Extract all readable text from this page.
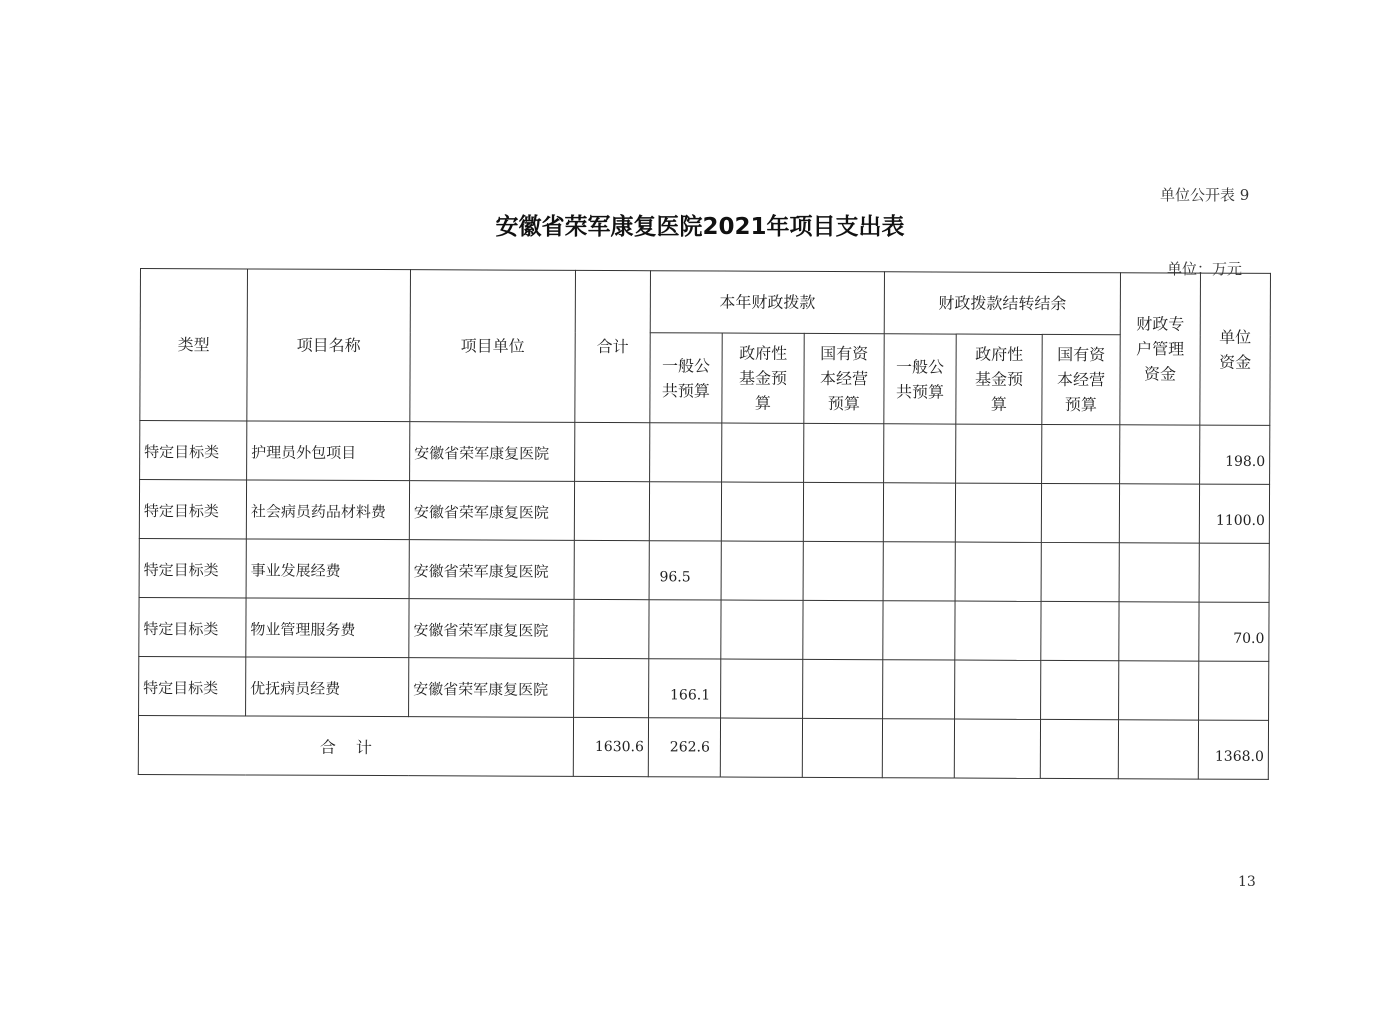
单位公开表 9
安徽省荣军康复医院2021年项目支出表
单位：万元
类型	项目名称	项目单位	合计	本年财政拨款			财政拨款结转结余			财政专户管理资金	单位资金
				一般公共预算	政府性基金预算	国有资本经营预算	一般公共预算	政府性基金预算	国有资本经营预算		
特定目标类	护理员外包项目	安徽省荣军康复医院									198.0
特定目标类	社会病员药品材料费	安徽省荣军康复医院									1100.0
特定目标类	事业发展经费	安徽省荣军康复医院		96.5							
特定目标类	物业管理服务费	安徽省荣军康复医院									70.0
特定目标类	优抚病员经费	安徽省荣军康复医院		166.1							
合计			1630.6	262.6							1368.0
13
